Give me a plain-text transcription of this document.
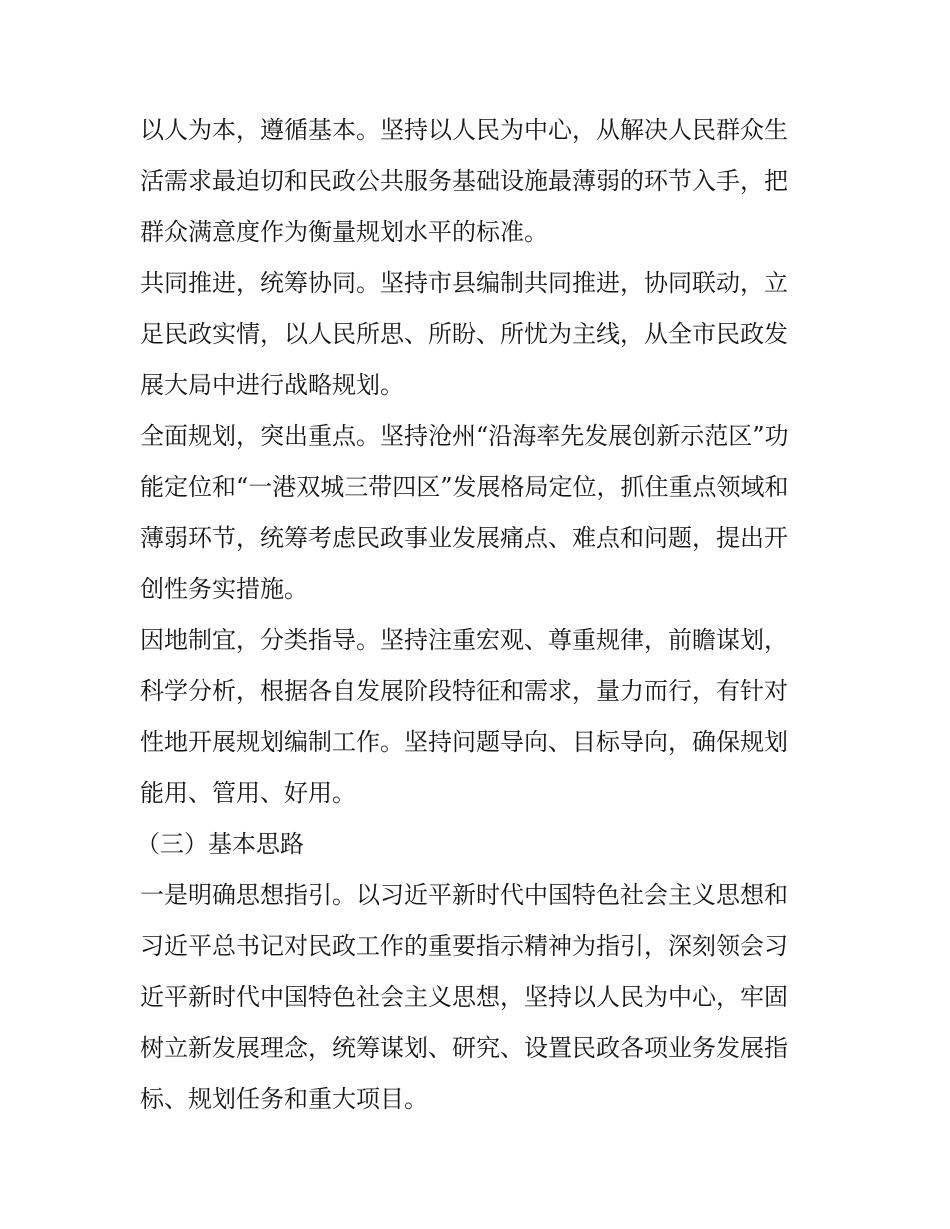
以人为本，遵循基本。坚持以人民为中心，从解决人民群众生
活需求最迫切和民政公共服务基础设施最薄弱的环节入手，把
群众满意度作为衡量规划水平的标准。
共同推进，统筹协同。坚持市县编制共同推进，协同联动，立
足民政实情，以人民所思、所盼、所忧为主线，从全市民政发
展大局中进行战略规划。
全面规划，突出重点。坚持沧州“沿海率先发展创新示范区”功
能定位和“一港双城三带四区”发展格局定位，抓住重点领域和
薄弱环节，统筹考虑民政事业发展痛点、难点和问题，提出开
创性务实措施。
因地制宜，分类指导。坚持注重宏观、尊重规律，前瞻谋划，
科学分析，根据各自发展阶段特征和需求，量力而行，有针对
性地开展规划编制工作。坚持问题导向、目标导向，确保规划
能用、管用、好用。
（三）基本思路
一是明确思想指引。以习近平新时代中国特色社会主义思想和
习近平总书记对民政工作的重要指示精神为指引，深刻领会习
近平新时代中国特色社会主义思想，坚持以人民为中心，牢固
树立新发展理念，统筹谋划、研究、设置民政各项业务发展指
标、规划任务和重大项目。
